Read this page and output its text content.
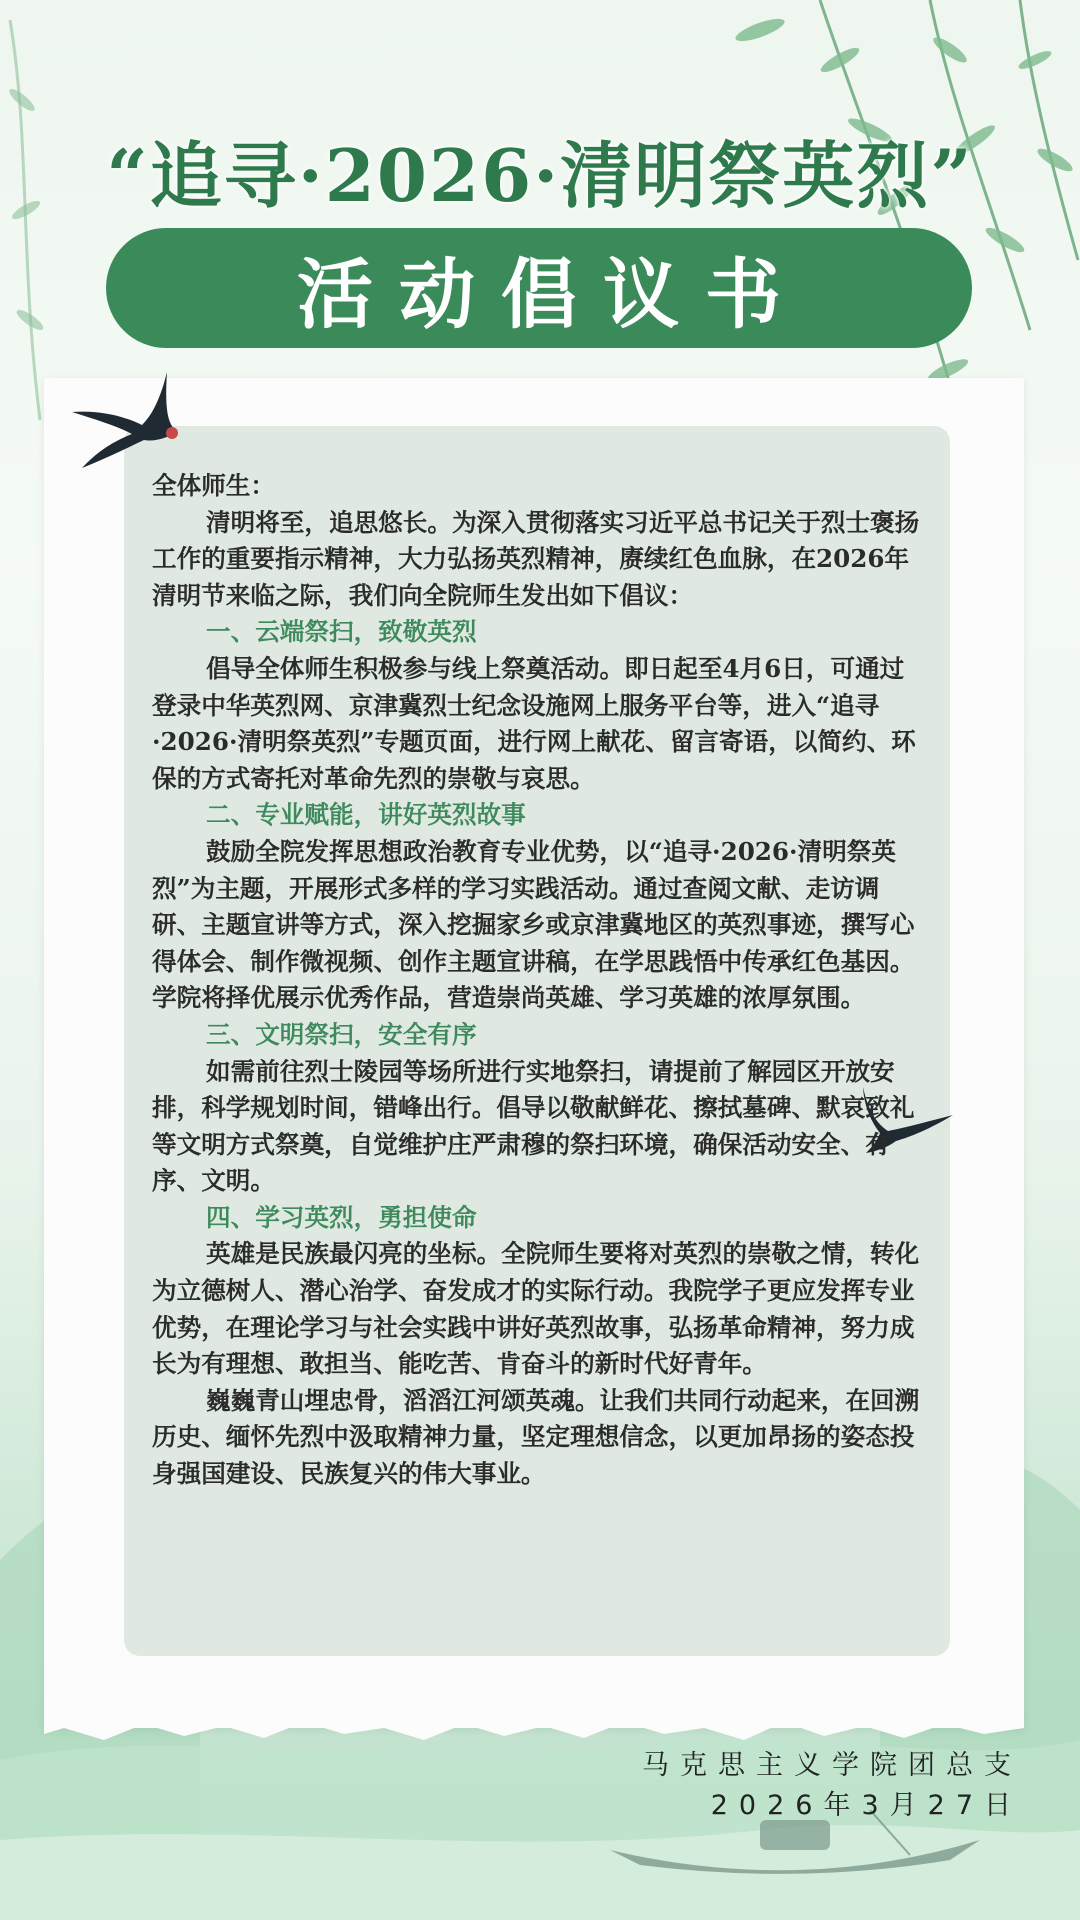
“追寻·2026·清明祭英烈”
活动倡议书

全体师生：

清明将至，追思悠长。为深入贯彻落实习近平总书记关于烈士褒扬工作的重要指示精神，大力弘扬英烈精神，赓续红色血脉，在2026年清明节来临之际，我们向全院师生发出如下倡议：

一、云端祭扫，致敬英烈

倡导全体师生积极参与线上祭奠活动。即日起至4月6日，可通过登录中华英烈网、京津冀烈士纪念设施网上服务平台等，进入“追寻·2026·清明祭英烈”专题页面，进行网上献花、留言寄语，以简约、环保的方式寄托对革命先烈的崇敬与哀思。

二、专业赋能，讲好英烈故事

鼓励全院发挥思想政治教育专业优势，以“追寻·2026·清明祭英烈”为主题，开展形式多样的学习实践活动。通过查阅文献、走访调研、主题宣讲等方式，深入挖掘家乡或京津冀地区的英烈事迹，撰写心得体会、制作微视频、创作主题宣讲稿，在学思践悟中传承红色基因。学院将择优展示优秀作品，营造崇尚英雄、学习英雄的浓厚氛围。

三、文明祭扫，安全有序

如需前往烈士陵园等场所进行实地祭扫，请提前了解园区开放安排，科学规划时间，错峰出行。倡导以敬献鲜花、擦拭墓碑、默哀致礼等文明方式祭奠，自觉维护庄严肃穆的祭扫环境，确保活动安全、有序、文明。

四、学习英烈，勇担使命

英雄是民族最闪亮的坐标。全院师生要将对英烈的崇敬之情，转化为立德树人、潜心治学、奋发成才的实际行动。我院学子更应发挥专业优势，在理论学习与社会实践中讲好英烈故事，弘扬革命精神，努力成长为有理想、敢担当、能吃苦、肯奋斗的新时代好青年。

巍巍青山埋忠骨，滔滔江河颂英魂。让我们共同行动起来，在回溯历史、缅怀先烈中汲取精神力量，坚定理想信念，以更加昂扬的姿态投身强国建设、民族复兴的伟大事业。

马克思主义学院团总支
2026年3月27日
